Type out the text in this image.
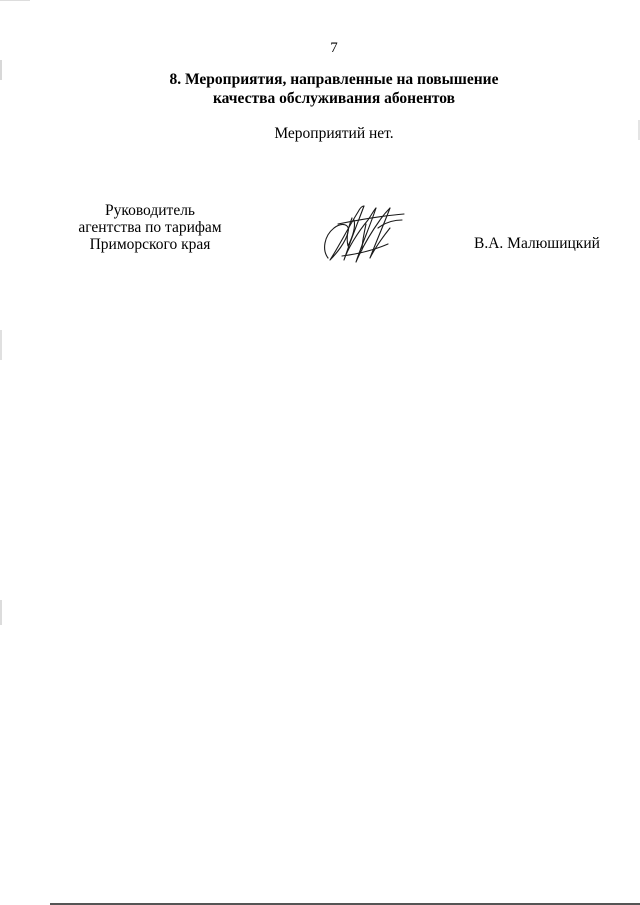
7
8. Мероприятия, направленные на повышение
качества обслуживания абонентов
Мероприятий нет.
Руководитель
агентства по тарифам
Приморского края	В.А. Малюшицкий
